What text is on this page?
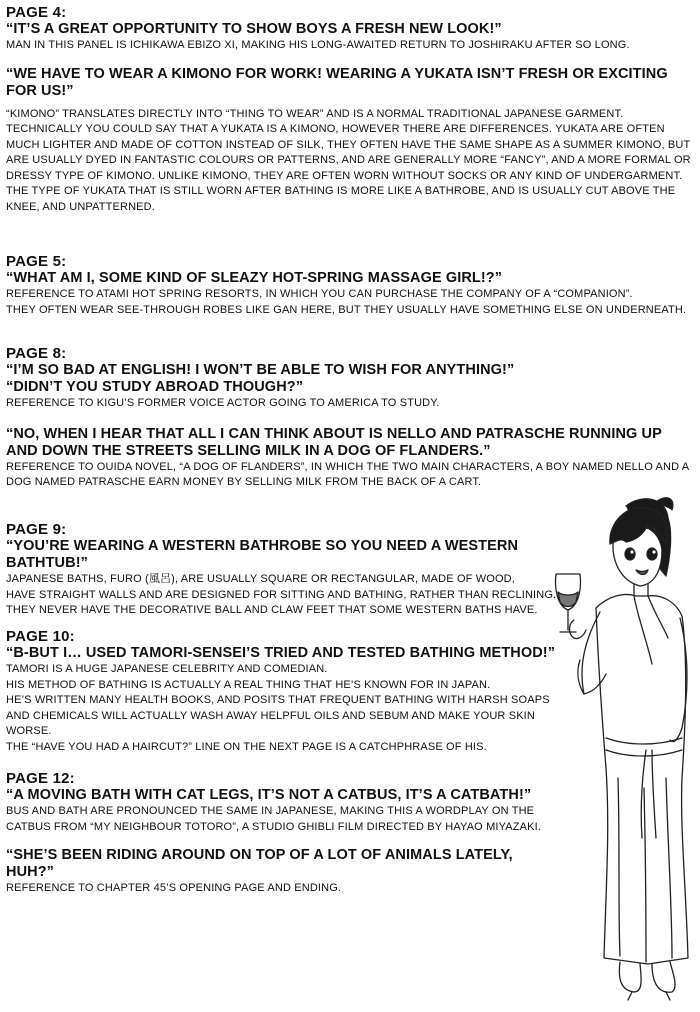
PAGE 4:

“IT’S A GREAT OPPORTUNITY TO SHOW BOYS A FRESH NEW LOOK!”

MAN IN THIS PANEL IS ICHIKAWA EBIZO XI, MAKING HIS LONG-AWAITED RETURN TO JOSHIRAKU AFTER SO LONG.

“WE HAVE TO WEAR A KIMONO FOR WORK! WEARING A YUKATA ISN’T FRESH OR EXCITING FOR US!”

“KIMONO” TRANSLATES DIRECTLY INTO “THING TO WEAR” AND IS A NORMAL TRADITIONAL JAPANESE GARMENT. TECHNICALLY YOU COULD SAY THAT A YUKATA IS A KIMONO, HOWEVER THERE ARE DIFFERENCES. YUKATA ARE OFTEN MUCH LIGHTER AND MADE OF COTTON INSTEAD OF SILK, THEY OFTEN HAVE THE SAME SHAPE AS A SUMMER KIMONO, BUT ARE USUALLY DYED IN FANTASTIC COLOURS OR PATTERNS, AND ARE GENERALLY MORE “FANCY”, AND A MORE FORMAL OR DRESSY TYPE OF KIMONO. UNLIKE KIMONO, THEY ARE OFTEN WORN WITHOUT SOCKS OR ANY KIND OF UNDERGARMENT.

THE TYPE OF YUKATA THAT IS STILL WORN AFTER BATHING IS MORE LIKE A BATHROBE, AND IS USUALLY CUT ABOVE THE KNEE, AND UNPATTERNED.

PAGE 5:

“WHAT AM I, SOME KIND OF SLEAZY HOT-SPRING MASSAGE GIRL!?”

REFERENCE TO ATAMI HOT SPRING RESORTS, IN WHICH YOU CAN PURCHASE THE COMPANY OF A “COMPANION”.

THEY OFTEN WEAR SEE-THROUGH ROBES LIKE GAN HERE, BUT THEY USUALLY HAVE SOMETHING ELSE ON UNDERNEATH.

PAGE 8:

“I’M SO BAD AT ENGLISH! I WON’T BE ABLE TO WISH FOR ANYTHING!”

“DIDN’T YOU STUDY ABROAD THOUGH?”

REFERENCE TO KIGU’S FORMER VOICE ACTOR GOING TO AMERICA TO STUDY.

“NO, WHEN I HEAR THAT ALL I CAN THINK ABOUT IS NELLO AND PATRASCHE RUNNING UP AND DOWN THE STREETS SELLING MILK IN A DOG OF FLANDERS.”

REFERENCE TO OUIDA NOVEL, “A DOG OF FLANDERS”, IN WHICH THE TWO MAIN CHARACTERS, A BOY NAMED NELLO AND A DOG NAMED PATRASCHE EARN MONEY BY SELLING MILK FROM THE BACK OF A CART.

PAGE 9:

“YOU’RE WEARING A WESTERN BATHROBE SO YOU NEED A WESTERN BATHTUB!”

JAPANESE BATHS, FURO (風呂), ARE USUALLY SQUARE OR RECTANGULAR, MADE OF WOOD,

HAVE STRAIGHT WALLS AND ARE DESIGNED FOR SITTING AND BATHING, RATHER THAN RECLINING.

THEY NEVER HAVE THE DECORATIVE BALL AND CLAW FEET THAT SOME WESTERN BATHS HAVE.

PAGE 10:

“B-BUT I… USED TAMORI-SENSEI’S TRIED AND TESTED BATHING METHOD!”

TAMORI IS A HUGE JAPANESE CELEBRITY AND COMEDIAN.

HIS METHOD OF BATHING IS ACTUALLY A REAL THING THAT HE’S KNOWN FOR IN JAPAN.

HE’S WRITTEN MANY HEALTH BOOKS, AND POSITS THAT FREQUENT BATHING WITH HARSH SOAPS AND CHEMICALS WILL ACTUALLY WASH AWAY HELPFUL OILS AND SEBUM AND MAKE YOUR SKIN WORSE.

THE “HAVE YOU HAD A HAIRCUT?” LINE ON THE NEXT PAGE IS A CATCHPHRASE OF HIS.

PAGE 12:

“A MOVING BATH WITH CAT LEGS, IT’S NOT A CATBUS, IT’S A CATBATH!”

BUS AND BATH ARE PRONOUNCED THE SAME IN JAPANESE, MAKING THIS A WORDPLAY ON THE CATBUS FROM “MY NEIGHBOUR TOTORO”, A STUDIO GHIBLI FILM DIRECTED BY HAYAO MIYAZAKI.

“SHE’S BEEN RIDING AROUND ON TOP OF A LOT OF ANIMALS LATELY, HUH?”

REFERENCE TO CHAPTER 45’S OPENING PAGE AND ENDING.
